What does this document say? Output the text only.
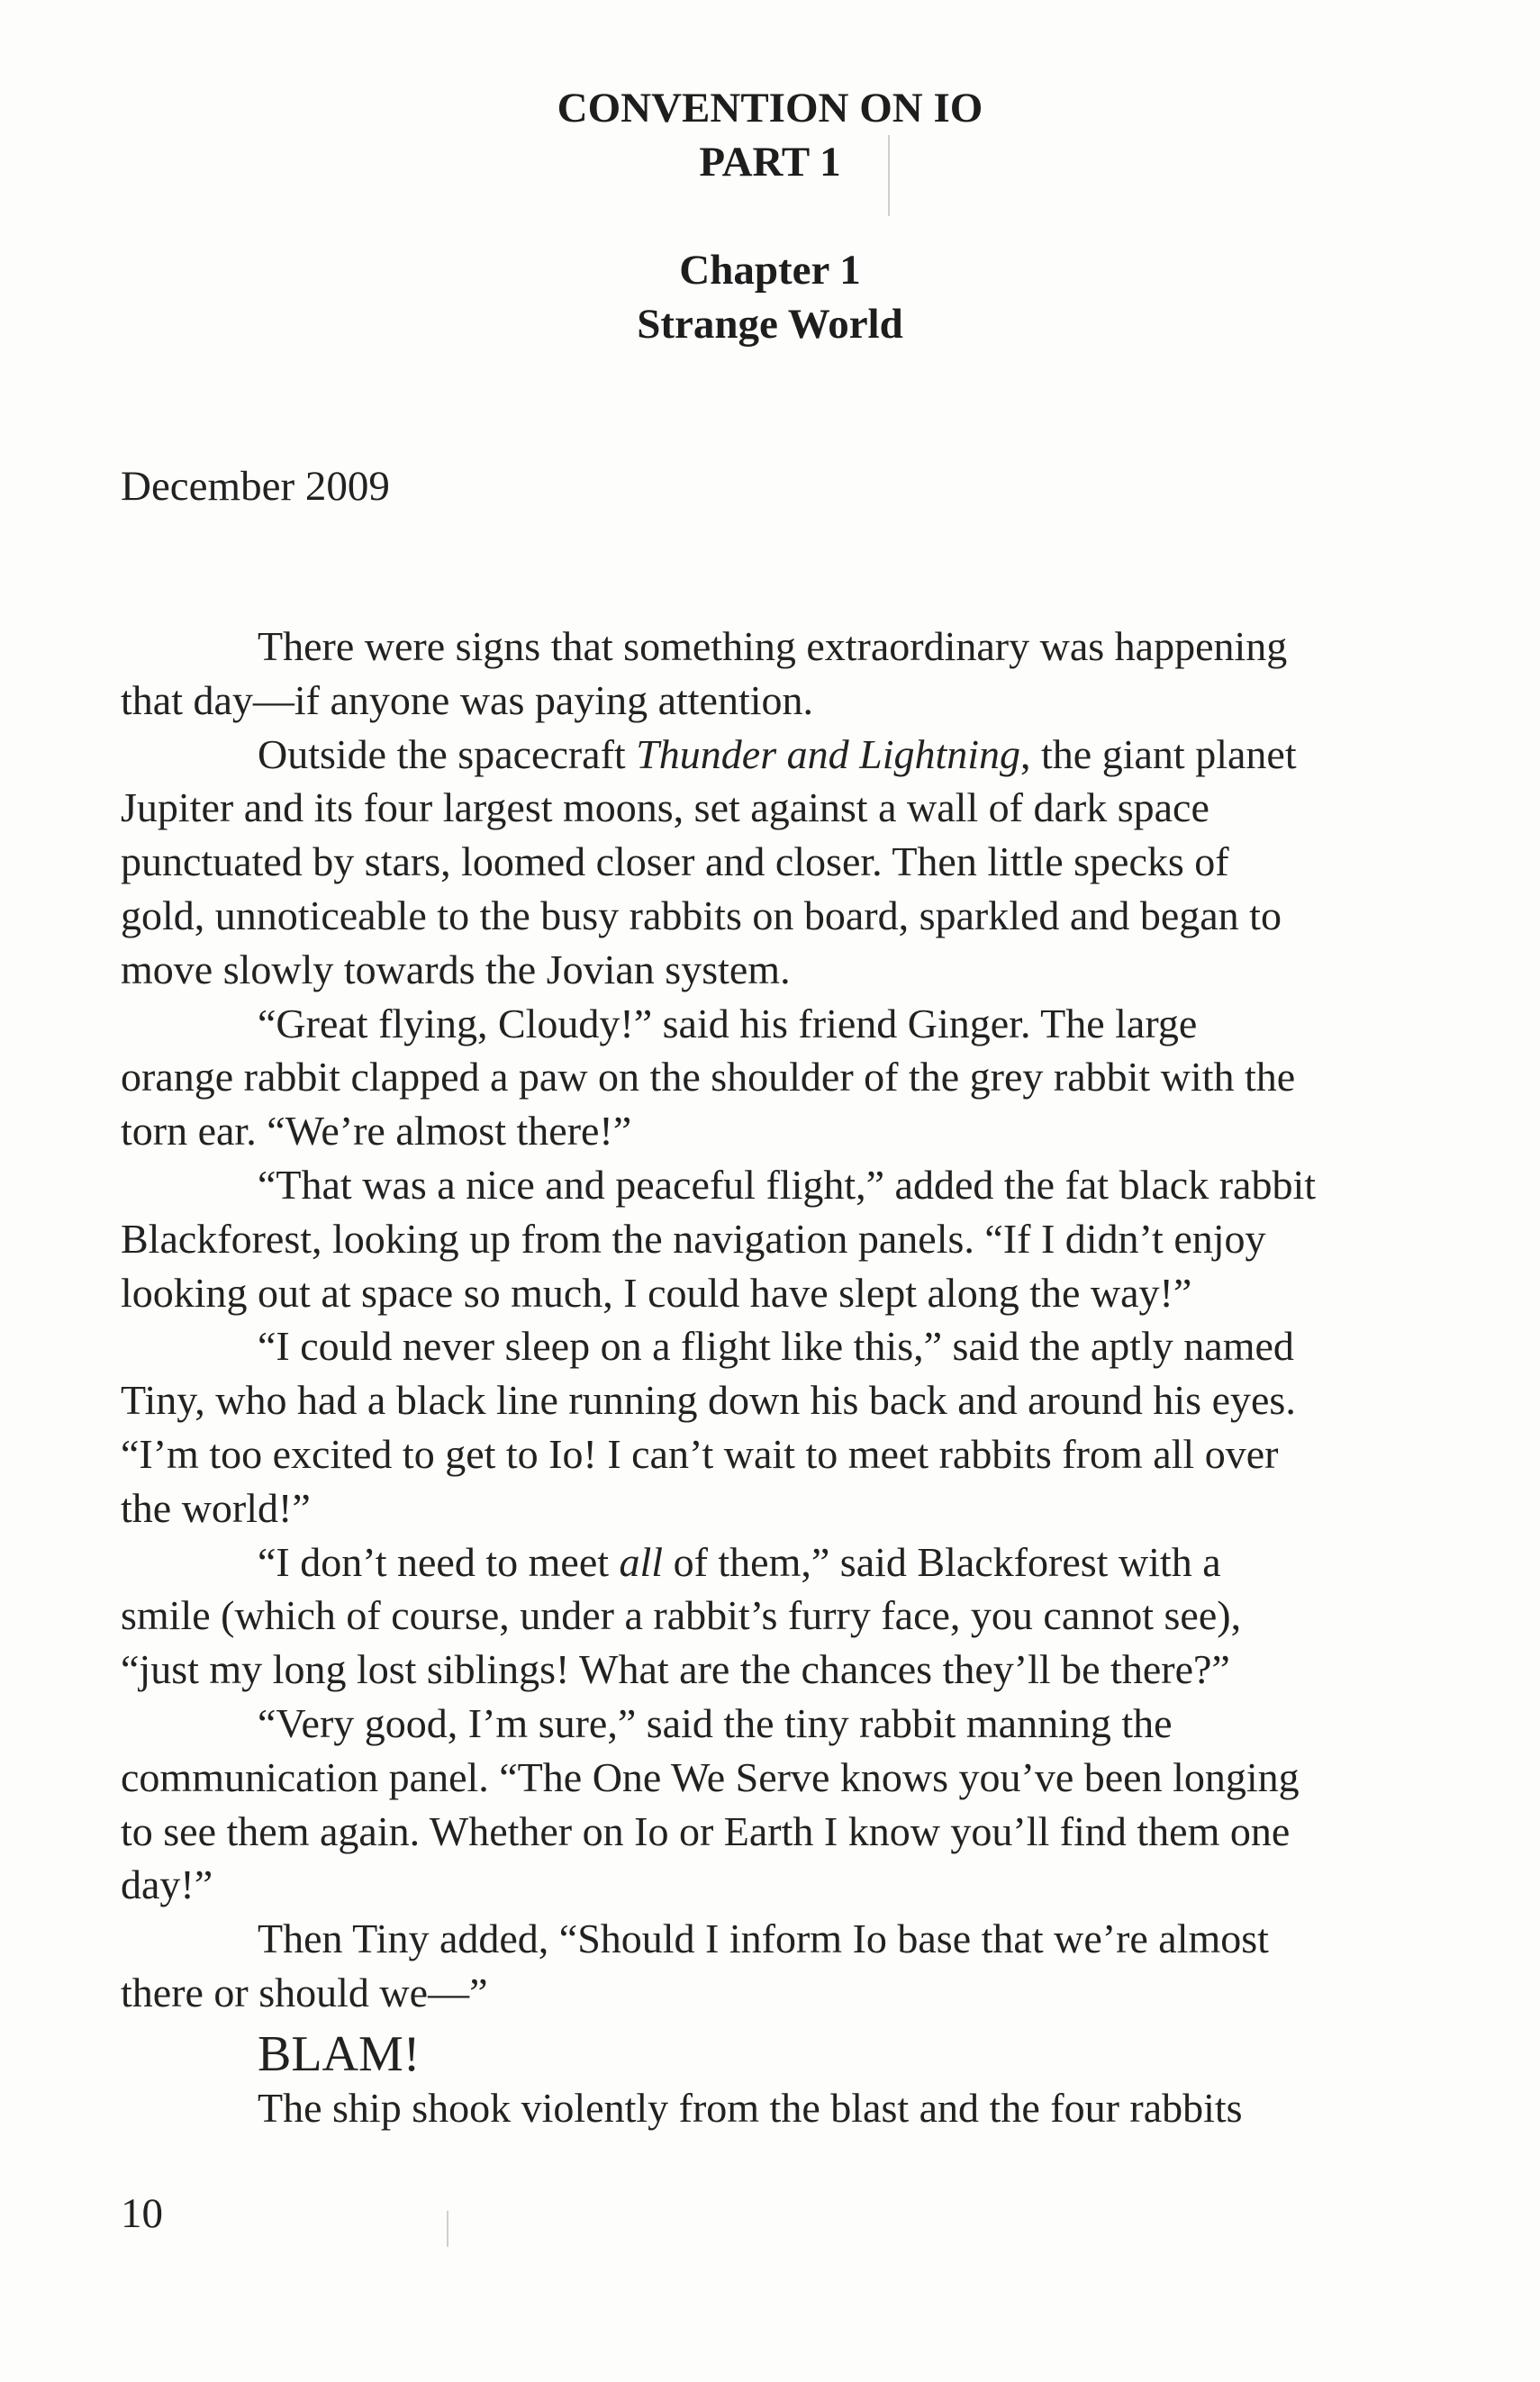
CONVENTION ON IO
PART 1
Chapter 1
Strange World
December 2009
There were signs that something extraordinary was happening
that day—if anyone was paying attention.
Outside the spacecraft Thunder and Lightning, the giant planet
Jupiter and its four largest moons, set against a wall of dark space
punctuated by stars, loomed closer and closer. Then little specks of
gold, unnoticeable to the busy rabbits on board, sparkled and began to
move slowly towards the Jovian system.
“Great flying, Cloudy!” said his friend Ginger. The large
orange rabbit clapped a paw on the shoulder of the grey rabbit with the
torn ear. “We’re almost there!”
“That was a nice and peaceful flight,” added the fat black rabbit
Blackforest, looking up from the navigation panels. “If I didn’t enjoy
looking out at space so much, I could have slept along the way!”
“I could never sleep on a flight like this,” said the aptly named
Tiny, who had a black line running down his back and around his eyes.
“I’m too excited to get to Io! I can’t wait to meet rabbits from all over
the world!”
“I don’t need to meet all of them,” said Blackforest with a
smile (which of course, under a rabbit’s furry face, you cannot see),
“just my long lost siblings! What are the chances they’ll be there?”
“Very good, I’m sure,” said the tiny rabbit manning the
communication panel. “The One We Serve knows you’ve been longing
to see them again. Whether on Io or Earth I know you’ll find them one
day!”
Then Tiny added, “Should I inform Io base that we’re almost
there or should we—”
BLAM!
The ship shook violently from the blast and the four rabbits
10
